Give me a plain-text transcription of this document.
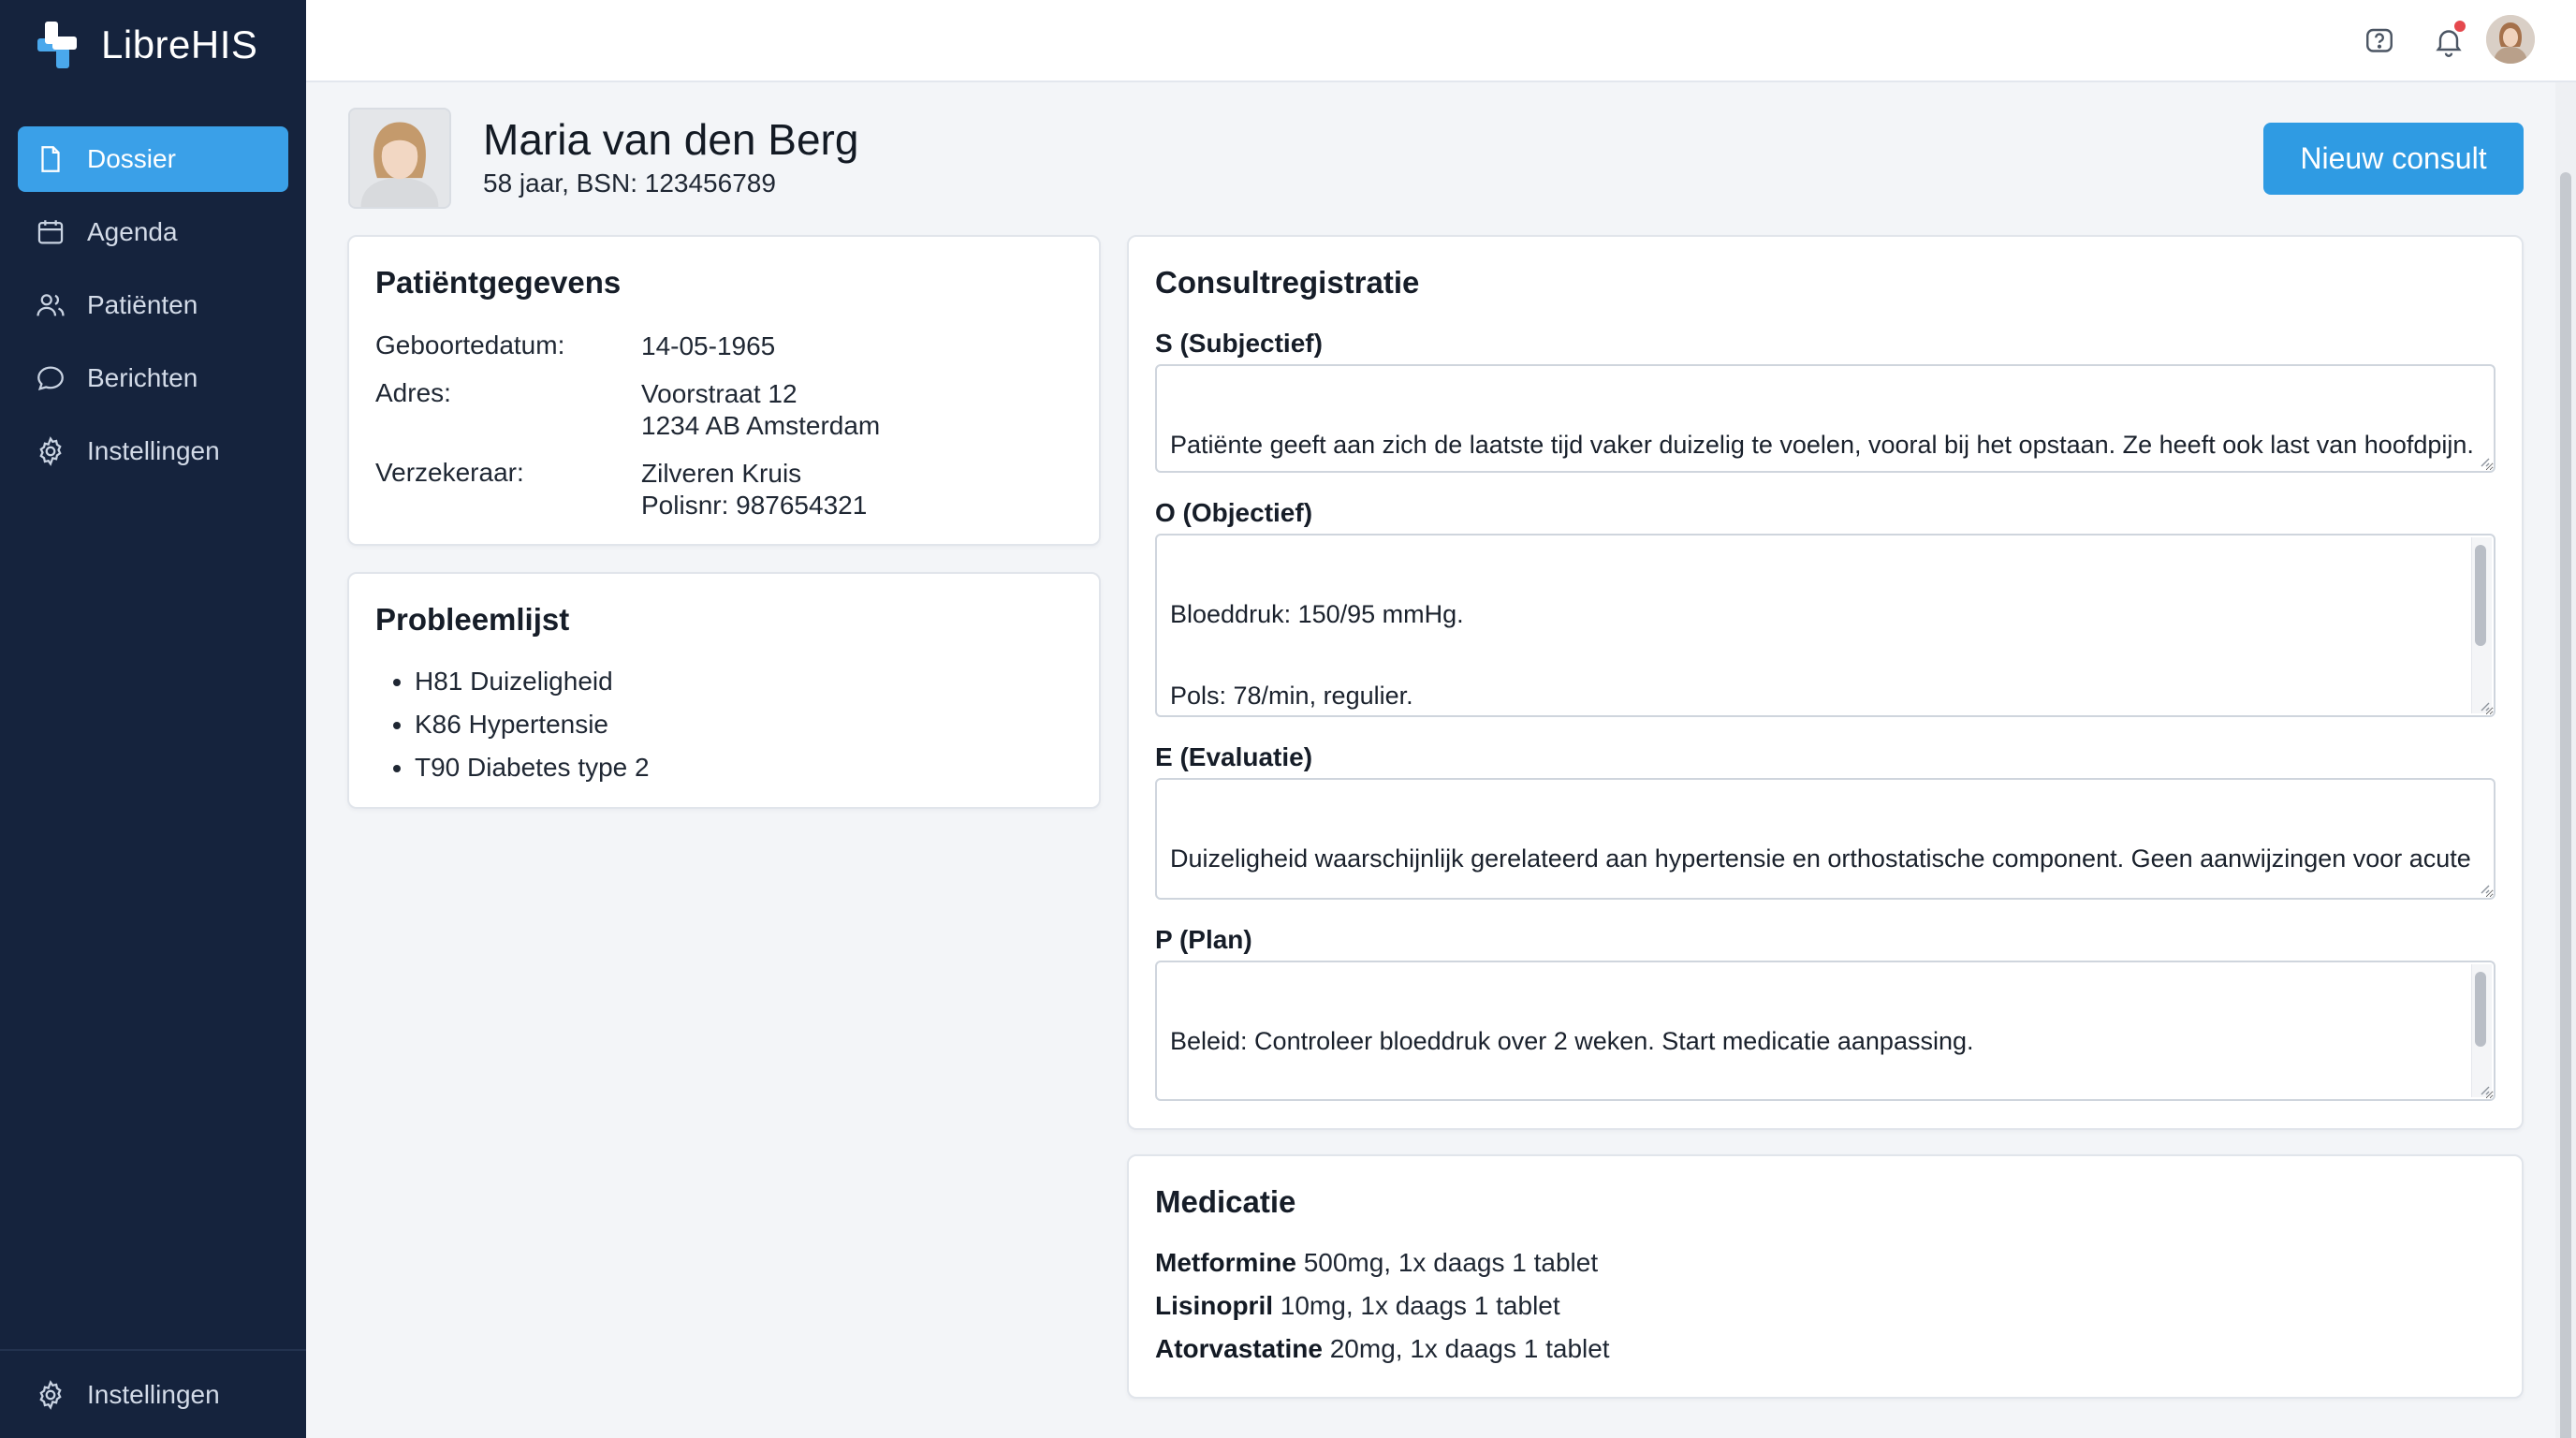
LibreHIS
Dossier
Agenda
Patiënten
Berichten
Instellingen
Instellingen
Maria van den Berg
58 jaar, BSN: 123456789
Nieuw consult
Patiëntgegevens
Geboortedatum:	14-05-1965
Adres:	Voorstraat 12
1234 AB Amsterdam
Verzekeraar:	Zilveren Kruis
Polisnr: 987654321
Probleemlijst
• H81 Duizeligheid
• K86 Hypertensie
• T90 Diabetes type 2
Consultregistratie
S (Subjectief)

Patiënte geeft aan zich de laatste tijd vaker duizelig te voelen, vooral bij het opstaan. Ze heeft ook last van hoofdpijn.

O (Objectief)

Bloeddruk: 150/95 mmHg.

Pols: 78/min, regulier.

E (Evaluatie)

Duizeligheid waarschijnlijk gerelateerd aan hypertensie en orthostatische component. Geen aanwijzingen voor acute

P (Plan)

Beleid: Controleer bloeddruk over 2 weken. Start medicatie aanpassing.

Medicatie
Metformine 500mg, 1x daags 1 tablet
Lisinopril 10mg, 1x daags 1 tablet
Atorvastatine 20mg, 1x daags 1 tablet
